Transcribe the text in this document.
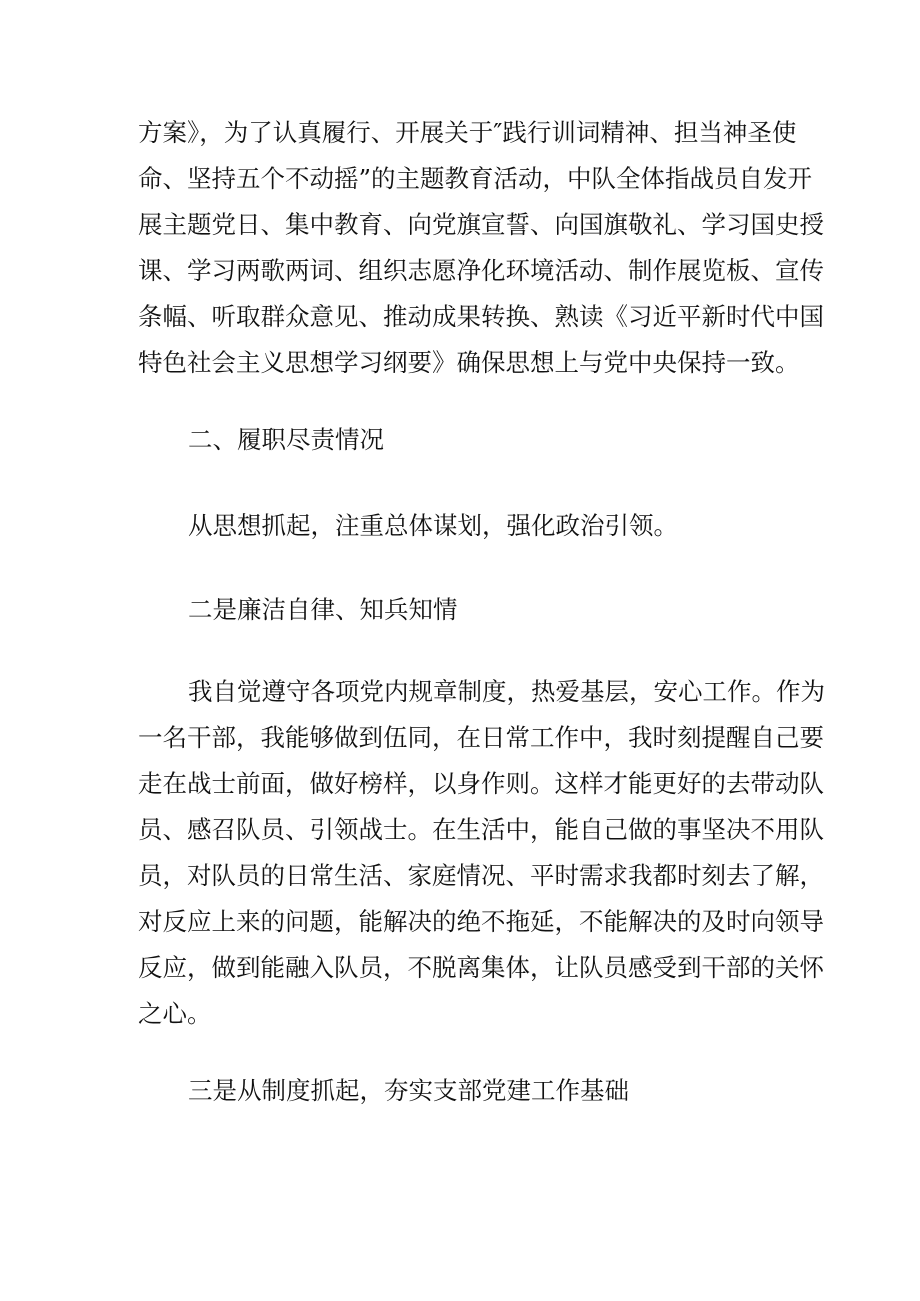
方案》，为了认真履行、开展关于″践行训词精神、担当神圣使
命、坚持五个不动摇”的主题教育活动，中队全体指战员自发开
展主题党日、集中教育、向党旗宣誓、向国旗敬礼、学习国史授
课、学习两歌两词、组织志愿净化环境活动、制作展览板、宣传
条幅、听取群众意见、推动成果转换、熟读《习近平新时代中国
特色社会主义思想学习纲要》确保思想上与党中央保持一致。
二、履职尽责情况
从思想抓起，注重总体谋划，强化政治引领。
二是廉洁自律、知兵知情
我自觉遵守各项党内规章制度，热爱基层，安心工作。作为
一名干部，我能够做到伍同，在日常工作中，我时刻提醒自己要
走在战士前面，做好榜样，以身作则。这样才能更好的去带动队
员、感召队员、引领战士。在生活中，能自己做的事坚决不用队
员，对队员的日常生活、家庭情况、平时需求我都时刻去了解，
对反应上来的问题，能解决的绝不拖延，不能解决的及时向领导
反应，做到能融入队员，不脱离集体，让队员感受到干部的关怀
之心。
三是从制度抓起，夯实支部党建工作基础
